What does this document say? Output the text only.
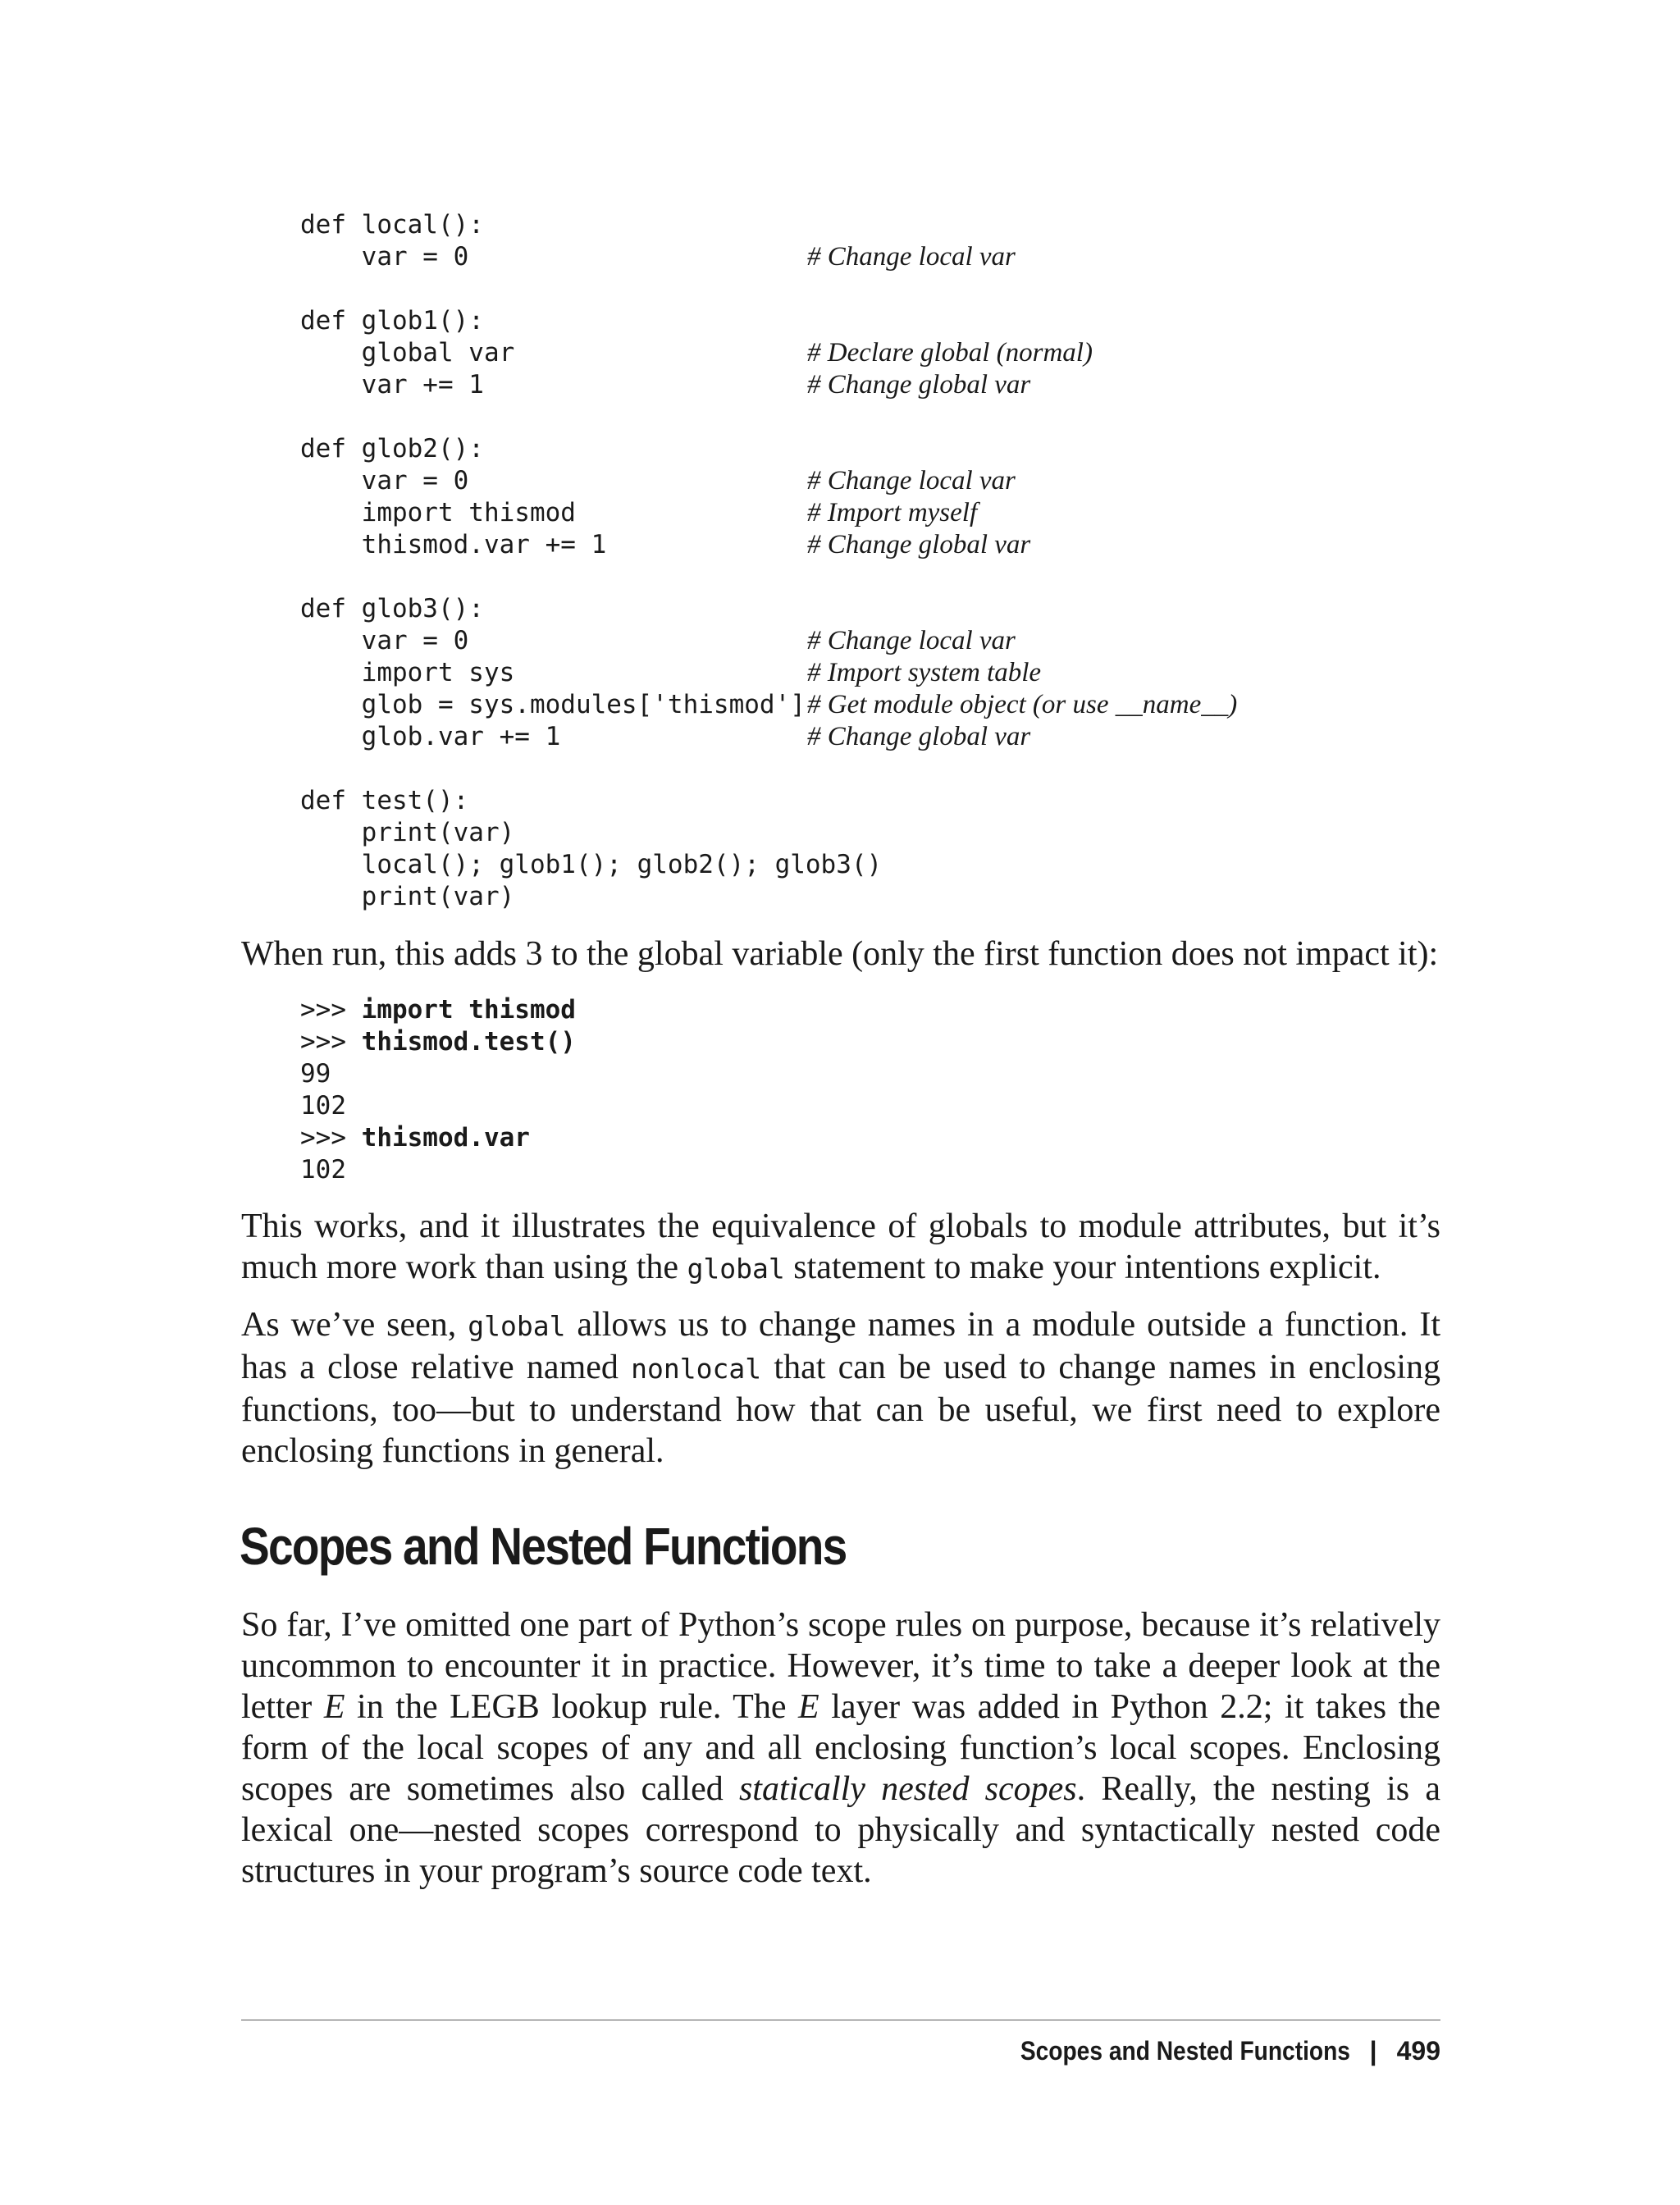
def local():
var = 0	# Change local var
def glob1():
global var	# Declare global (normal)
var += 1	# Change global var
def glob2():
var = 0	# Change local var
import thismod	# Import myself
thismod.var += 1	# Change global var
def glob3():
var = 0	# Change local var
import sys	# Import system table
glob = sys.modules['thismod'] # Get module object (or use __name__)
glob.var += 1	# Change global var
def test():
print(var)
local(); glob1(); glob2(); glob3()
print(var)

When run, this adds 3 to the global variable (only the first function does not impact it):

>>> import thismod
>>> thismod.test()
99
102
>>> thismod.var
102

This works, and it illustrates the equivalence of globals to module attributes, but it’s much more work than using the global statement to make your intentions explicit.

As we’ve seen, global allows us to change names in a module outside a function. It has a close relative named nonlocal that can be used to change names in enclosing functions, too—but to understand how that can be useful, we first need to explore enclosing functions in general.

Scopes and Nested Functions

So far, I’ve omitted one part of Python’s scope rules on purpose, because it’s relatively uncommon to encounter it in practice. However, it’s time to take a deeper look at the letter E in the LEGB lookup rule. The E layer was added in Python 2.2; it takes the form of the local scopes of any and all enclosing function’s local scopes. Enclosing scopes are sometimes also called statically nested scopes. Really, the nesting is a lexical one—nested scopes correspond to physically and syntactically nested code structures in your program’s source code text.

Scopes and Nested Functions | 499
